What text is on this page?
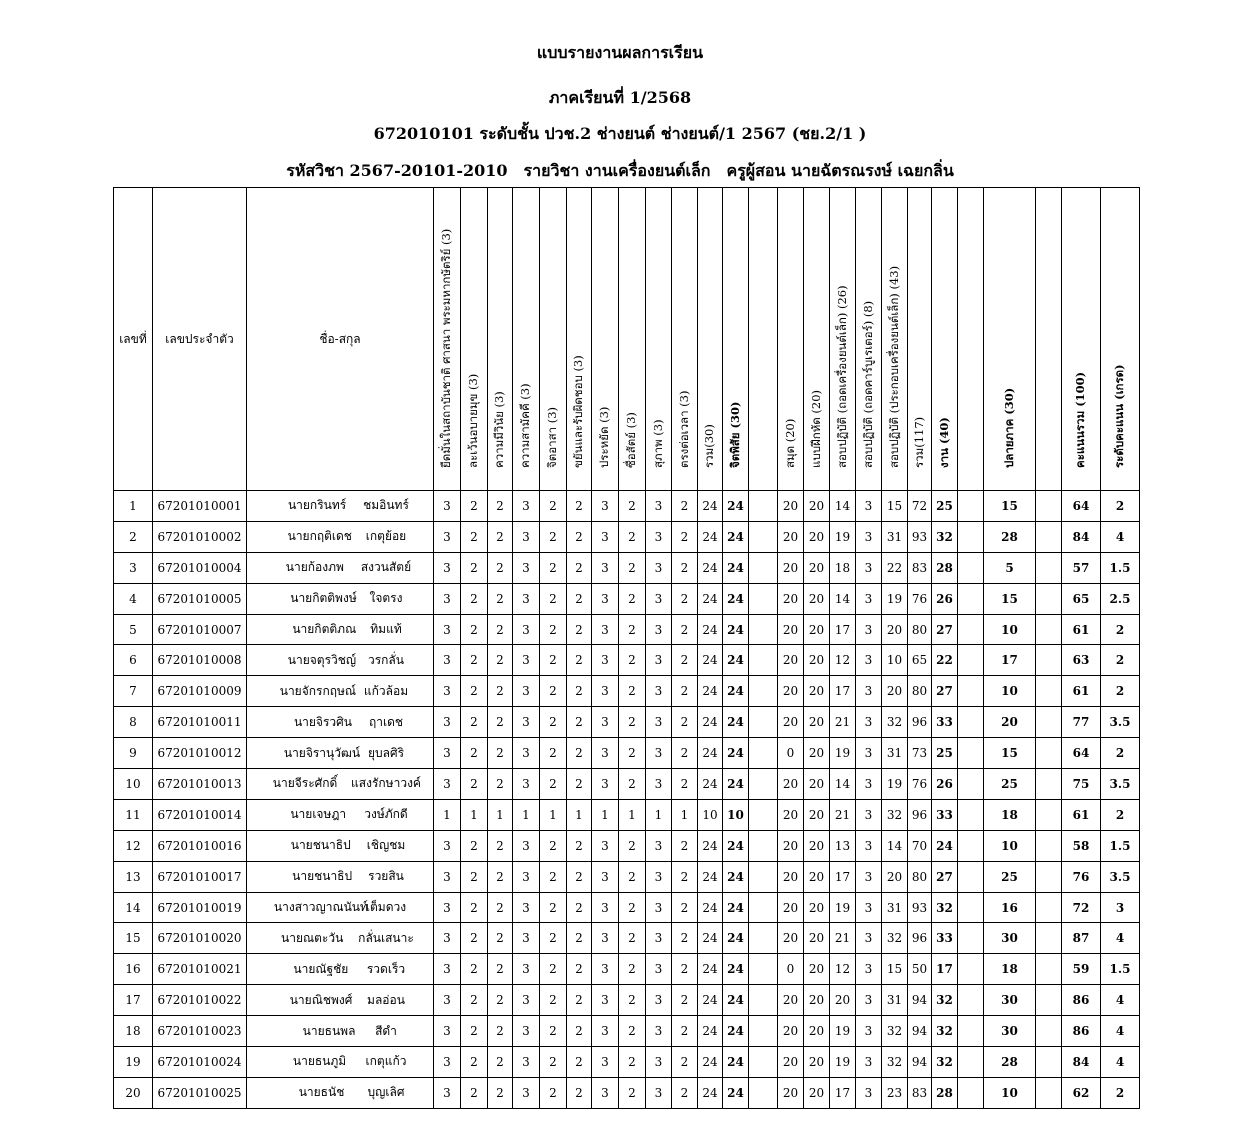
แบบรายงานผลการเรียน
ภาคเรียนที่ 1/2568
672010101 ระดับชั้น ปวช.2 ช่างยนต์ ช่างยนต์/1 2567 (ชย.2/1 )
รหัสวิชา 2567-20101-2010 รายวิชา งานเครื่องยนต์เล็ก ครูผู้สอน นายฉัตรณรงษ์ เฉยกลิ่น
เลขที่	เลขประจำตัว	ชื่อ-สกุล	ยืดมั่นในสถาบันชาติ ศาสนา พระมหากษัตริย์ (3)	ละเว้นอบายมุข (3)	ความมีวินัย (3)	ความสามัคคี (3)	จิตอาสา (3)	ขยันและรับผิดชอบ (3)	ประหยัด (3)	ซื่อสัตย์ (3)	สุภาพ (3)	ตรงต่อเวลา (3)	รวม(30)	จิตพิสัย (30)		สมุด (20)	แบบฝึกหัด (20)	สอบปฏิบัติ (ถอดเครื่องยนต์เล็ก) (26)	สอบปฏิบัติ (ถอดคาร์บูเรเตอร์) (8)	สอบปฏิบัติ (ประกอบเครื่องยนต์เล็ก) (43)	รวม(117)	งาน (40)		ปลายภาค (30)		คะแนนรวม (100)	ระดับคะแนน (เกรด)

1	67201010001	นายกรินทร์ ชมอินทร์	3	2	2	3	2	2	3	2	3	2	24	24		20	20	14	3	15	72	25		15		64	2
2	67201010002	นายกฤติเดช เกตุย้อย	3	2	2	3	2	2	3	2	3	2	24	24		20	20	19	3	31	93	32		28		84	4
3	67201010004	นายก้องภพ สงวนสัตย์	3	2	2	3	2	2	3	2	3	2	24	24		20	20	18	3	22	83	28		5		57	1.5
4	67201010005	นายกิตติพงษ์ ใจตรง	3	2	2	3	2	2	3	2	3	2	24	24		20	20	14	3	19	76	26		15		65	2.5
5	67201010007	นายกิตติภณ ทิมแท้	3	2	2	3	2	2	3	2	3	2	24	24		20	20	17	3	20	80	27		10		61	2
6	67201010008	นายจตุรวิชญ์ วรกลั่น	3	2	2	3	2	2	3	2	3	2	24	24		20	20	12	3	10	65	22		17		63	2
7	67201010009	นายจักรกฤษณ์ แก้วล้อม	3	2	2	3	2	2	3	2	3	2	24	24		20	20	17	3	20	80	27		10		61	2
8	67201010011	นายจิรวศิน ฤาเดช	3	2	2	3	2	2	3	2	3	2	24	24		20	20	21	3	32	96	33		20		77	3.5
9	67201010012	นายจิรานุวัฒน์ ยุบลศิริ	3	2	2	3	2	2	3	2	3	2	24	24		0	20	19	3	31	73	25		15		64	2
10	67201010013	นายจีระศักดิ์ แสงรักษาวงค์	3	2	2	3	2	2	3	2	3	2	24	24		20	20	14	3	19	76	26		25		75	3.5
11	67201010014	นายเจษฎา วงษ์ภักดี	1	1	1	1	1	1	1	1	1	1	10	10		20	20	21	3	32	96	33		18		61	2
12	67201010016	นายชนาธิป เชิญชม	3	2	2	3	2	2	3	2	3	2	24	24		20	20	13	3	14	70	24		10		58	1.5
13	67201010017	นายชนาธิป รวยสิน	3	2	2	3	2	2	3	2	3	2	24	24		20	20	17	3	20	80	27		25		76	3.5
14	67201010019	นางสาวญาณนันท์เต็มดวง	3	2	2	3	2	2	3	2	3	2	24	24		20	20	19	3	31	93	32		16		72	3
15	67201010020	นายณตะวัน กลั่นเสนาะ	3	2	2	3	2	2	3	2	3	2	24	24		20	20	21	3	32	96	33		30		87	4
16	67201010021	นายณัฐชัย รวดเร็ว	3	2	2	3	2	2	3	2	3	2	24	24		0	20	12	3	15	50	17		18		59	1.5
17	67201010022	นายณิชพงศ์ มลอ่อน	3	2	2	3	2	2	3	2	3	2	24	24		20	20	20	3	31	94	32		30		86	4
18	67201010023	นายธนพล สีดำ	3	2	2	3	2	2	3	2	3	2	24	24		20	20	19	3	32	94	32		30		86	4
19	67201010024	นายธนภูมิ เกตุแก้ว	3	2	2	3	2	2	3	2	3	2	24	24		20	20	19	3	32	94	32		28		84	4
20	67201010025	นายธนัช บุญเลิศ	3	2	2	3	2	2	3	2	3	2	24	24		20	20	17	3	23	83	28		10		62	2
